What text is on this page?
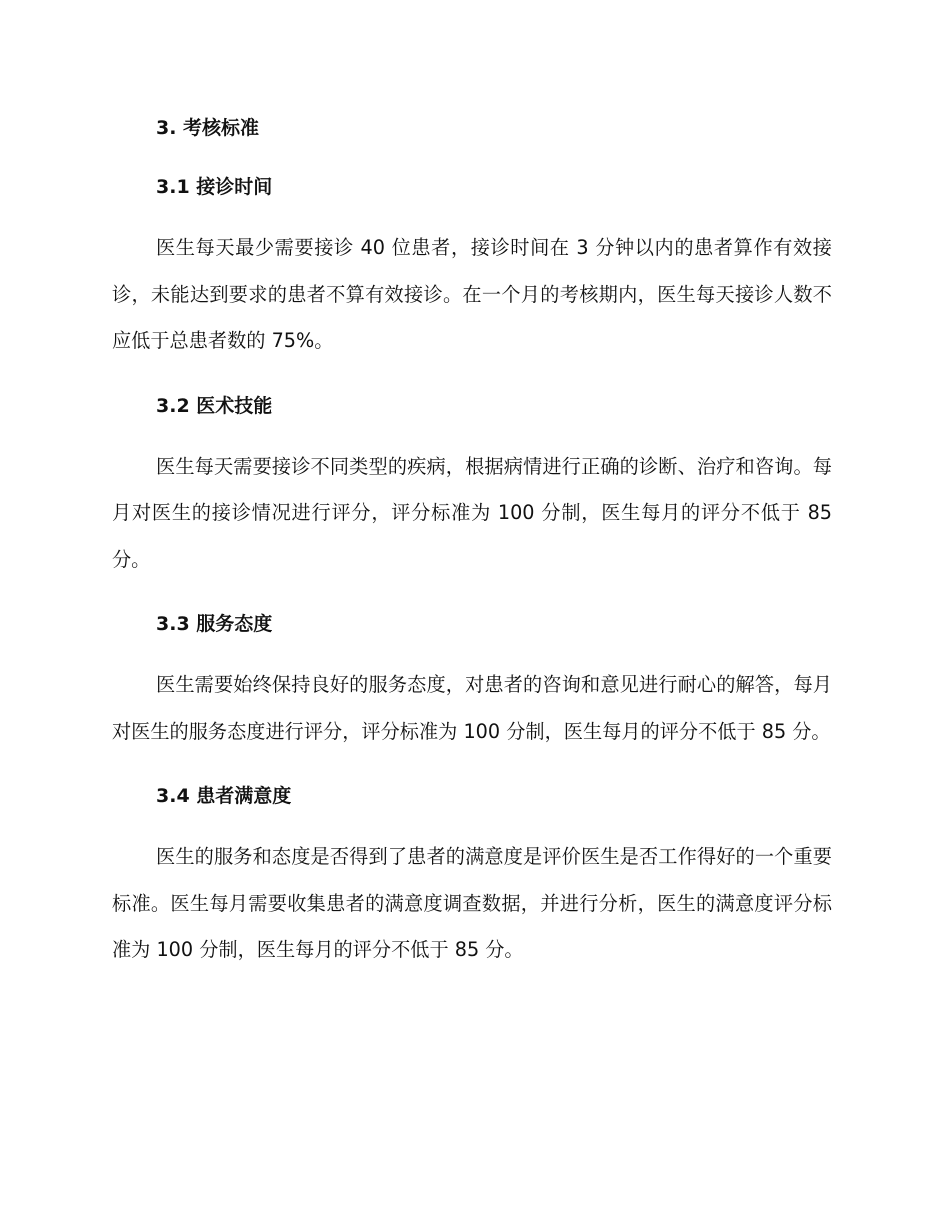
3. 考核标准
3.1 接诊时间

医生每天最少需要接诊 40 位患者，接诊时间在 3 分钟以内的患者算作有效接诊，未能达到要求的患者不算有效接诊。在一个月的考核期内，医生每天接诊人数不应低于总患者数的 75%。

3.2 医术技能

医生每天需要接诊不同类型的疾病，根据病情进行正确的诊断、治疗和咨询。每月对医生的接诊情况进行评分，评分标准为 100 分制，医生每月的评分不低于 85 分。

3.3 服务态度

医生需要始终保持良好的服务态度，对患者的咨询和意见进行耐心的解答，每月对医生的服务态度进行评分，评分标准为 100 分制，医生每月的评分不低于 85 分。

3.4 患者满意度

医生的服务和态度是否得到了患者的满意度是评价医生是否工作得好的一个重要标准。医生每月需要收集患者的满意度调查数据，并进行分析，医生的满意度评分标准为 100 分制，医生每月的评分不低于 85 分。
